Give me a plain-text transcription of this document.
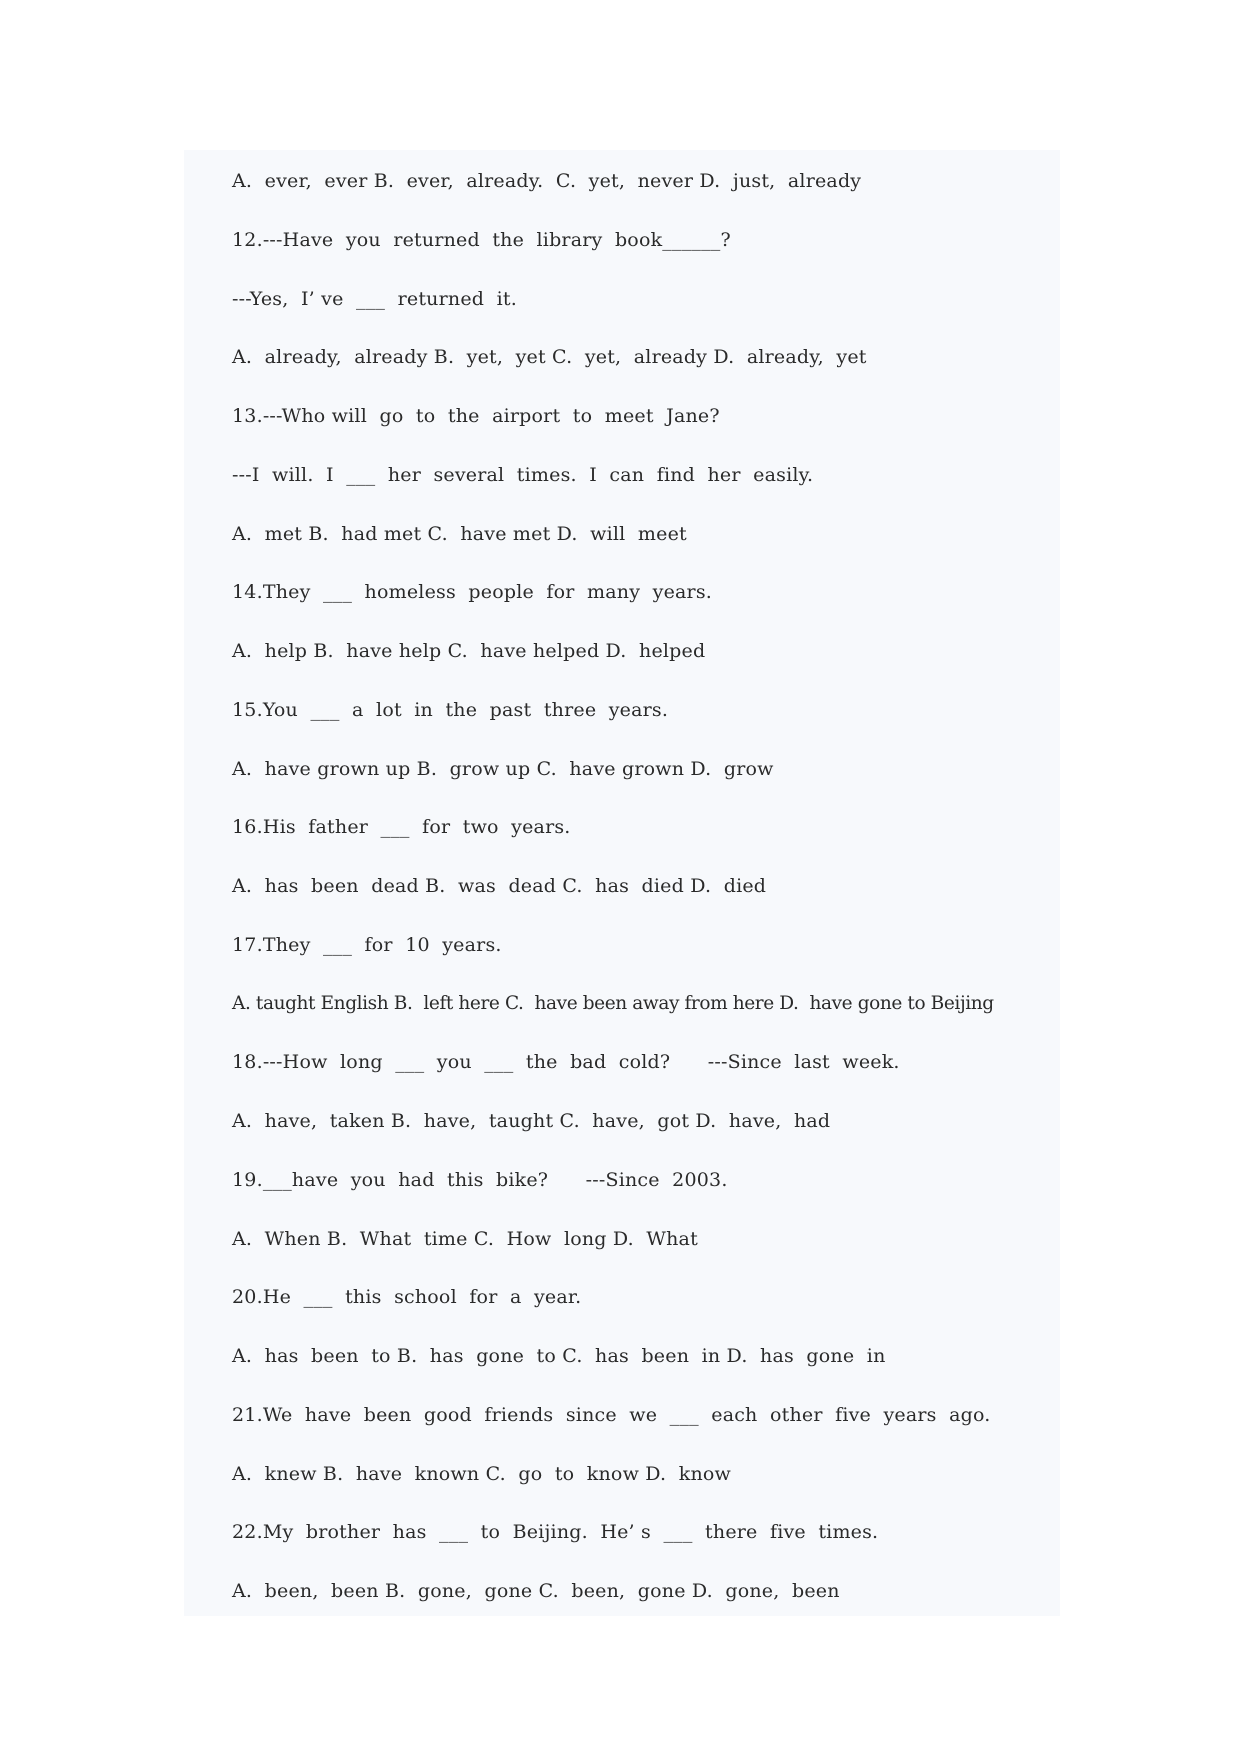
A.  ever,  ever B.  ever,  already.  C.  yet,  never D.  just,  already
12.---Have  you  returned  the  library  book______?
---Yes,  I’ ve  ___  returned  it.
A.  already,  already B.  yet,  yet C.  yet,  already D.  already,  yet
13.---Who will  go  to  the  airport  to  meet  Jane?
---I  will.  I  ___  her  several  times.  I  can  find  her  easily.
A.  met B.  had met C.  have met D.  will  meet
14.They  ___  homeless  people  for  many  years.
A.  help B.  have help C.  have helped D.  helped
15.You  ___  a  lot  in  the  past  three  years.
A.  have grown up B.  grow up C.  have grown D.  grow
16.His  father  ___  for  two  years.
A.  has  been  dead B.  was  dead C.  has  died D.  died
17.They  ___  for  10  years.
A. taught English B.  left here C.  have been away from here D.  have gone to Beijing
18.---How  long  ___  you  ___  the  bad  cold?      ---Since  last  week.
A.  have,  taken B.  have,  taught C.  have,  got D.  have,  had
19.___have  you  had  this  bike?      ---Since  2003.
A.  When B.  What  time C.  How  long D.  What
20.He  ___  this  school  for  a  year.
A.  has  been  to B.  has  gone  to C.  has  been  in D.  has  gone  in
21.We  have  been  good  friends  since  we  ___  each  other  five  years  ago.
A.  knew B.  have  known C.  go  to  know D.  know
22.My  brother  has  ___  to  Beijing.  He’ s  ___  there  five  times.
A.  been,  been B.  gone,  gone C.  been,  gone D.  gone,  been
